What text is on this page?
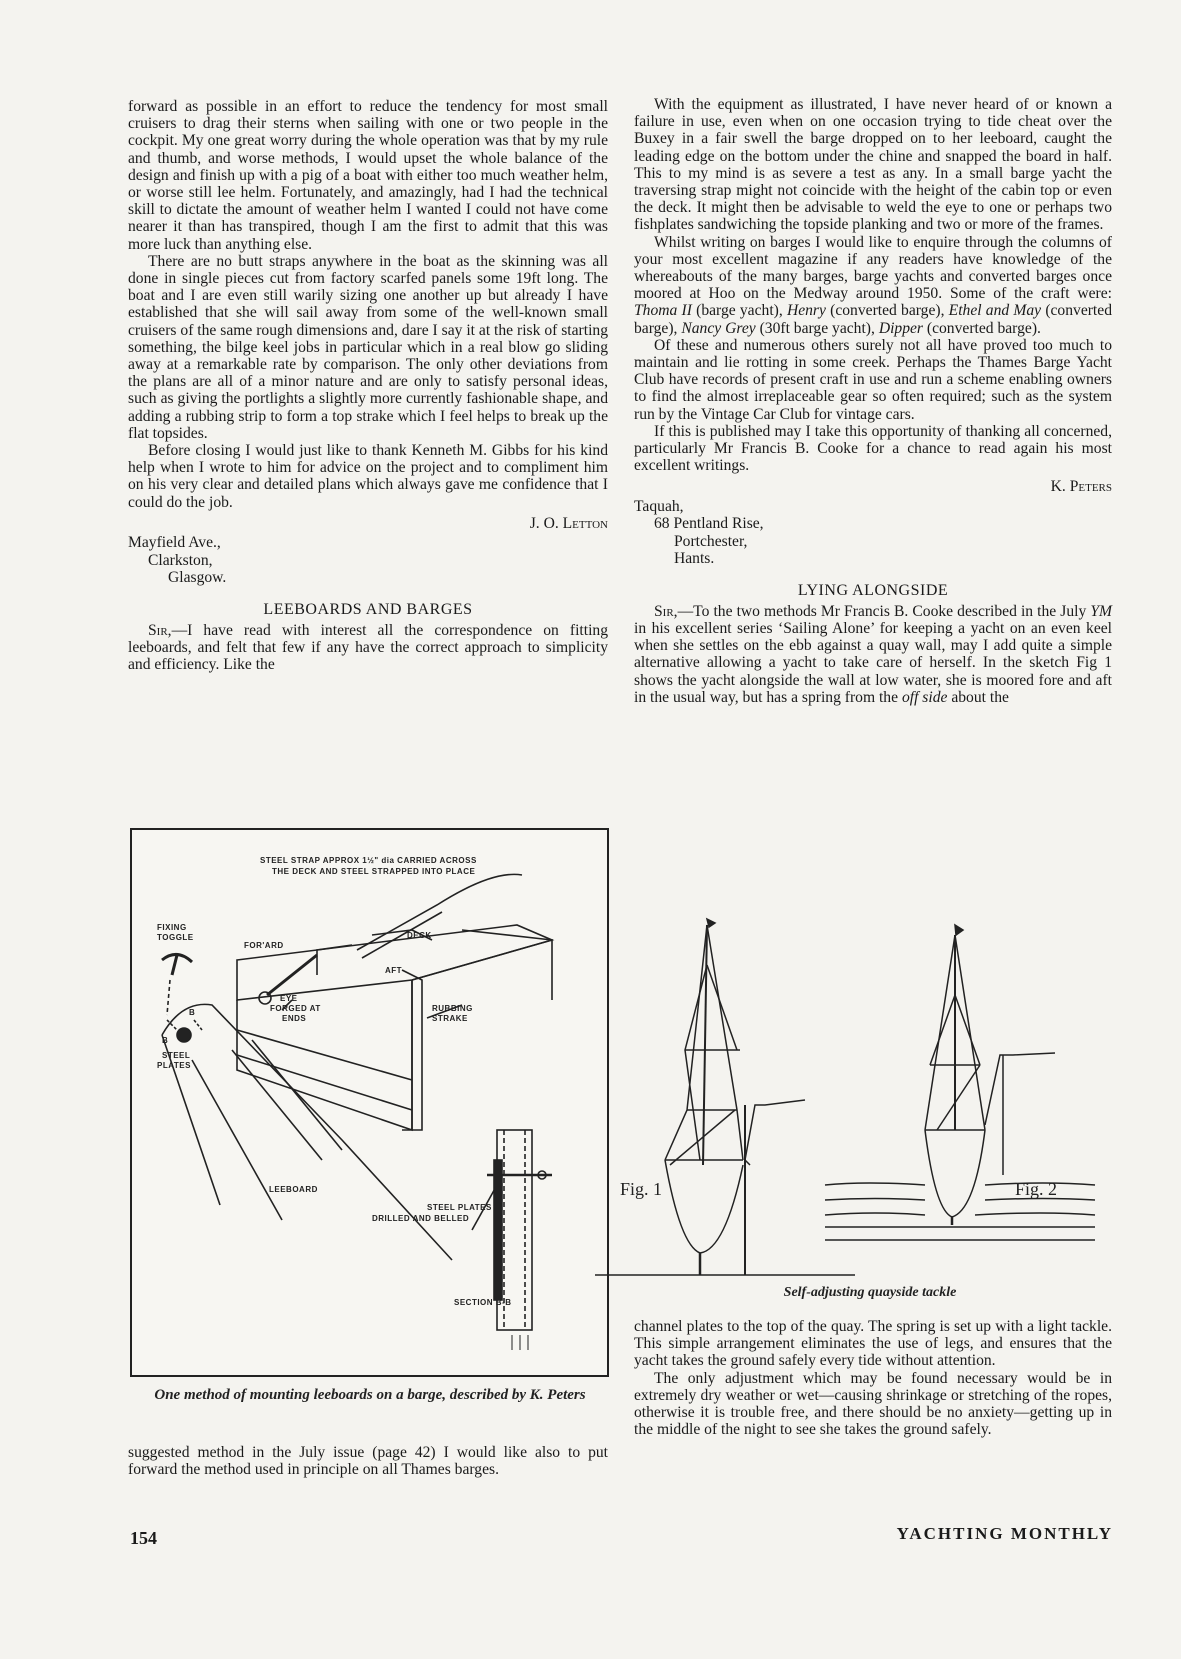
forward as possible in an effort to reduce the tendency for most small cruisers to drag their sterns when sailing with one or two people in the cockpit. My one great worry during the whole operation was that by my rule and thumb, and worse methods, I would upset the whole balance of the design and finish up with a pig of a boat with either too much weather helm, or worse still lee helm. Fortunately, and amazingly, had I had the technical skill to dictate the amount of weather helm I wanted I could not have come nearer it than has transpired, though I am the first to admit that this was more luck than anything else.

There are no butt straps anywhere in the boat as the skinning was all done in single pieces cut from factory scarfed panels some 19ft long. The boat and I are even still warily sizing one another up but already I have established that she will sail away from some of the well-known small cruisers of the same rough dimensions and, dare I say it at the risk of starting something, the bilge keel jobs in particular which in a real blow go sliding away at a remarkable rate by comparison. The only other deviations from the plans are all of a minor nature and are only to satisfy personal ideas, such as giving the portlights a slightly more currently fashionable shape, and adding a rubbing strip to form a top strake which I feel helps to break up the flat topsides.

Before closing I would just like to thank Kenneth M. Gibbs for his kind help when I wrote to him for advice on the project and to compliment him on his very clear and detailed plans which always gave me confidence that I could do the job.

J. O. Letton
Mayfield Ave.,
Clarkston,
Glasgow.
LEEBOARDS AND BARGES

Sir,—I have read with interest all the correspondence on fitting leeboards, and felt that few if any have the correct approach to simplicity and efficiency. Like the

STEEL STRAP APPROX 1½" dia CARRIED ACROSS
THE DECK AND STEEL STRAPPED INTO PLACE
FIXING
TOGGLE
FOR'ARD
DECK
AFT
EYE
FORGED AT
ENDS
RUBBING
STRAKE
STEEL
PLATES
B
B
LEEBOARD
STEEL PLATES
DRILLED AND BELLED
SECTION B-B
One method of mounting leeboards on a barge, described by K. Peters
suggested method in the July issue (page 42) I would like also to put forward the method used in principle on all Thames barges.

With the equipment as illustrated, I have never heard of or known a failure in use, even when on one occasion trying to tide cheat over the Buxey in a fair swell the barge dropped on to her leeboard, caught the leading edge on the bottom under the chine and snapped the board in half. This to my mind is as severe a test as any. In a small barge yacht the traversing strap might not coincide with the height of the cabin top or even the deck. It might then be advisable to weld the eye to one or perhaps two fishplates sandwiching the topside planking and two or more of the frames.

Whilst writing on barges I would like to enquire through the columns of your most excellent magazine if any readers have knowledge of the whereabouts of the many barges, barge yachts and converted barges once moored at Hoo on the Medway around 1950. Some of the craft were: Thoma II (barge yacht), Henry (converted barge), Ethel and May (converted barge), Nancy Grey (30ft barge yacht), Dipper (converted barge).

Of these and numerous others surely not all have proved too much to maintain and lie rotting in some creek. Perhaps the Thames Barge Yacht Club have records of present craft in use and run a scheme enabling owners to find the almost irreplaceable gear so often required; such as the system run by the Vintage Car Club for vintage cars.

If this is published may I take this opportunity of thanking all concerned, particularly Mr Francis B. Cooke for a chance to read again his most excellent writings.

K. Peters
Taquah,
68 Pentland Rise,
Portchester,
Hants.
LYING ALONGSIDE

Sir,—To the two methods Mr Francis B. Cooke described in the July YM in his excellent series ‘Sailing Alone’ for keeping a yacht on an even keel when she settles on the ebb against a quay wall, may I add quite a simple alternative allowing a yacht to take care of herself. In the sketch Fig 1 shows the yacht alongside the wall at low water, she is moored fore and aft in the usual way, but has a spring from the off side about the

Fig. 1	Fig. 2
Self-adjusting quayside tackle

channel plates to the top of the quay. The spring is set up with a light tackle. This simple arrangement eliminates the use of legs, and ensures that the yacht takes the ground safely every tide without attention.

The only adjustment which may be found necessary would be in extremely dry weather or wet—causing shrinkage or stretching of the ropes, otherwise it is trouble free, and there should be no anxiety—getting up in the middle of the night to see she takes the ground safely.

154	YACHTING MONTHLY
